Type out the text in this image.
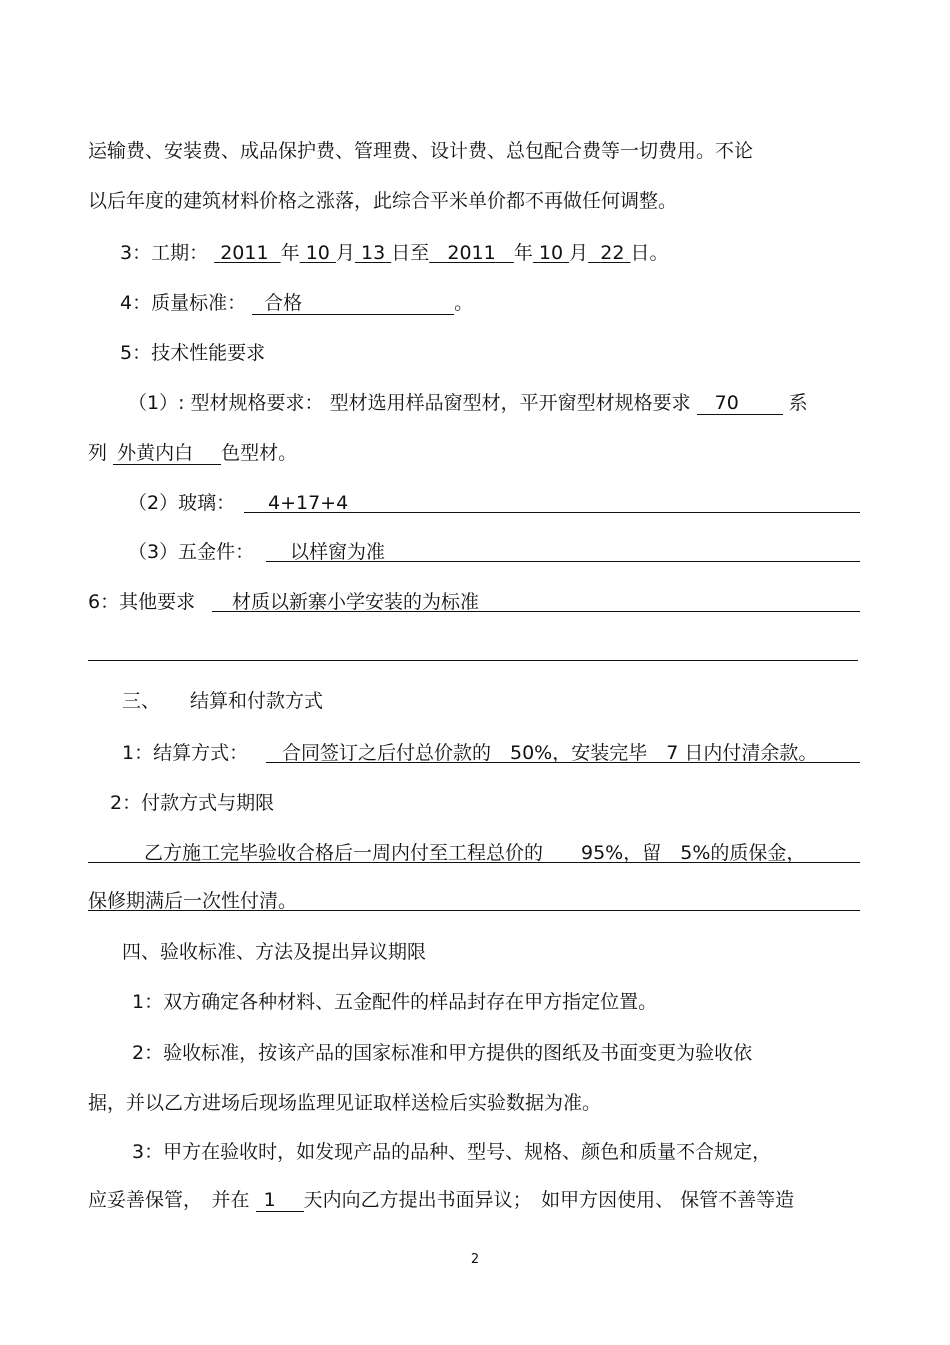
运输费、安装费、成品保护费、管理费、设计费、总包配合费等一切费用。不论
以后年度的建筑材料价格之涨落，此综合平米单价都不再做任何调整。
3：工期： 2011 年 10 月 13 日至 2011 年 10 月 22 日。
4：质量标准： 合格	。
5：技术性能要求
（1）: 型材规格要求： 型材选用样品窗型材，平开窗型材规格要求 70	系
列 外黄内白 色型材。
（2）玻璃： 4+17+4
（3）五金件： 以样窗为准
6：其他要求 材质以新寨小学安装的为标准
三、 结算和付款方式
1：结算方式： 合同签订之后付总价款的　50%，安装完毕　7 日内付清余款。
2：付款方式与期限
乙方施工完毕验收合格后一周内付至工程总价的　　95%，留　5%的质保金，
保修期满后一次性付清。
四、验收标准、方法及提出异议期限
1：双方确定各种材料、五金配件的样品封存在甲方指定位置。
2：验收标准，按该产品的国家标准和甲方提供的图纸及书面变更为验收依
据，并以乙方进场后现场监理见证取样送检后实验数据为准。
3：甲方在验收时，如发现产品的品种、型号、规格、颜色和质量不合规定，
应妥善保管，　并在 1 天内向乙方提出书面异议；　如甲方因使用、 保管不善等造
2
